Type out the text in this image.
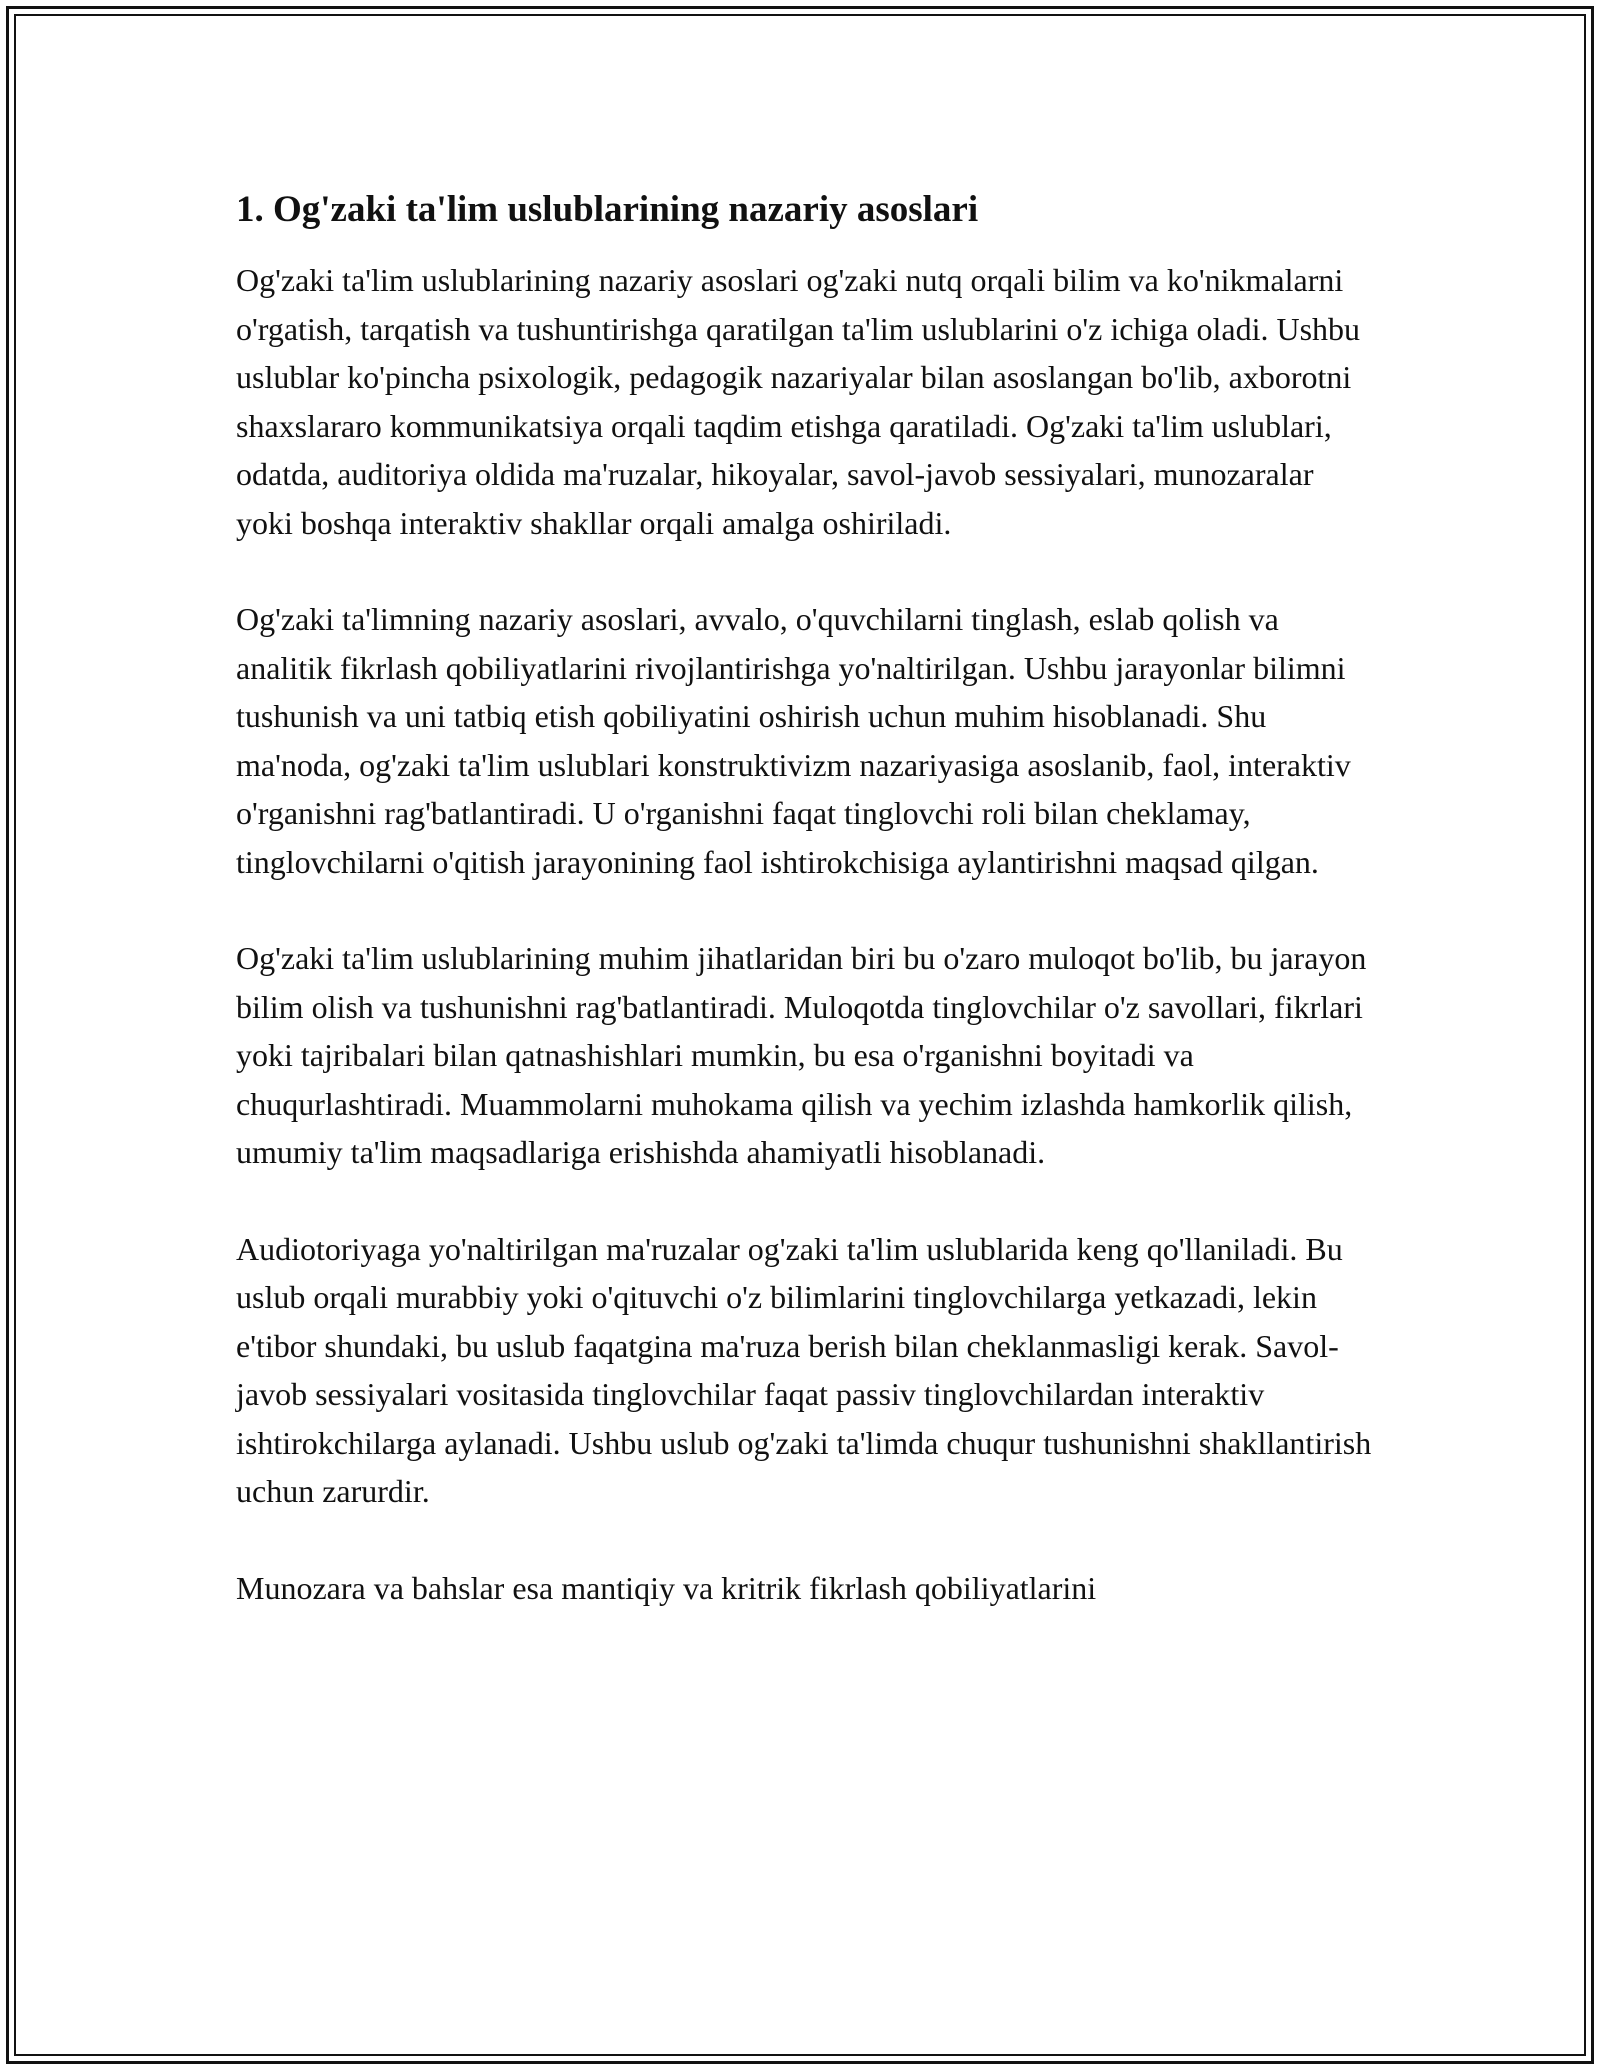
1. Og'zaki ta'lim uslublarining nazariy asoslari

Og'zaki ta'lim uslublarining nazariy asoslari og'zaki nutq orqali bilim va ko'nikmalarni o'rgatish, tarqatish va tushuntirishga qaratilgan ta'lim uslublarini o'z ichiga oladi. Ushbu uslublar ko'pincha psixologik, pedagogik nazariyalar bilan asoslangan bo'lib, axborotni shaxslararo kommunikatsiya orqali taqdim etishga qaratiladi. Og'zaki ta'lim uslublari, odatda, auditoriya oldida ma'ruzalar, hikoyalar, savol-javob sessiyalari, munozaralar yoki boshqa interaktiv shakllar orqali amalga oshiriladi.

Og'zaki ta'limning nazariy asoslari, avvalo, o'quvchilarni tinglash, eslab qolish va analitik fikrlash qobiliyatlarini rivojlantirishga yo'naltirilgan. Ushbu jarayonlar bilimni tushunish va uni tatbiq etish qobiliyatini oshirish uchun muhim hisoblanadi. Shu ma'noda, og'zaki ta'lim uslublari konstruktivizm nazariyasiga asoslanib, faol, interaktiv o'rganishni rag'batlantiradi. U o'rganishni faqat tinglovchi roli bilan cheklamay, tinglovchilarni o'qitish jarayonining faol ishtirokchisiga aylantirishni maqsad qilgan.

Og'zaki ta'lim uslublarining muhim jihatlaridan biri bu o'zaro muloqot bo'lib, bu jarayon bilim olish va tushunishni rag'batlantiradi. Muloqotda tinglovchilar o'z savollari, fikrlari yoki tajribalari bilan qatnashishlari mumkin, bu esa o'rganishni boyitadi va chuqurlashtiradi. Muammolarni muhokama qilish va yechim izlashda hamkorlik qilish, umumiy ta'lim maqsadlariga erishishda ahamiyatli hisoblanadi.

Audiotoriyaga yo'naltirilgan ma'ruzalar og'zaki ta'lim uslublarida keng qo'llaniladi. Bu uslub orqali murabbiy yoki o'qituvchi o'z bilimlarini tinglovchilarga yetkazadi, lekin e'tibor shundaki, bu uslub faqatgina ma'ruza berish bilan cheklanmasligi kerak. Savol-javob sessiyalari vositasida tinglovchilar faqat passiv tinglovchilardan interaktiv ishtirokchilarga aylanadi. Ushbu uslub og'zaki ta'limda chuqur tushunishni shakllantirish uchun zarurdir.

Munozara va bahslar esa mantiqiy va kritrik fikrlash qobiliyatlarini
